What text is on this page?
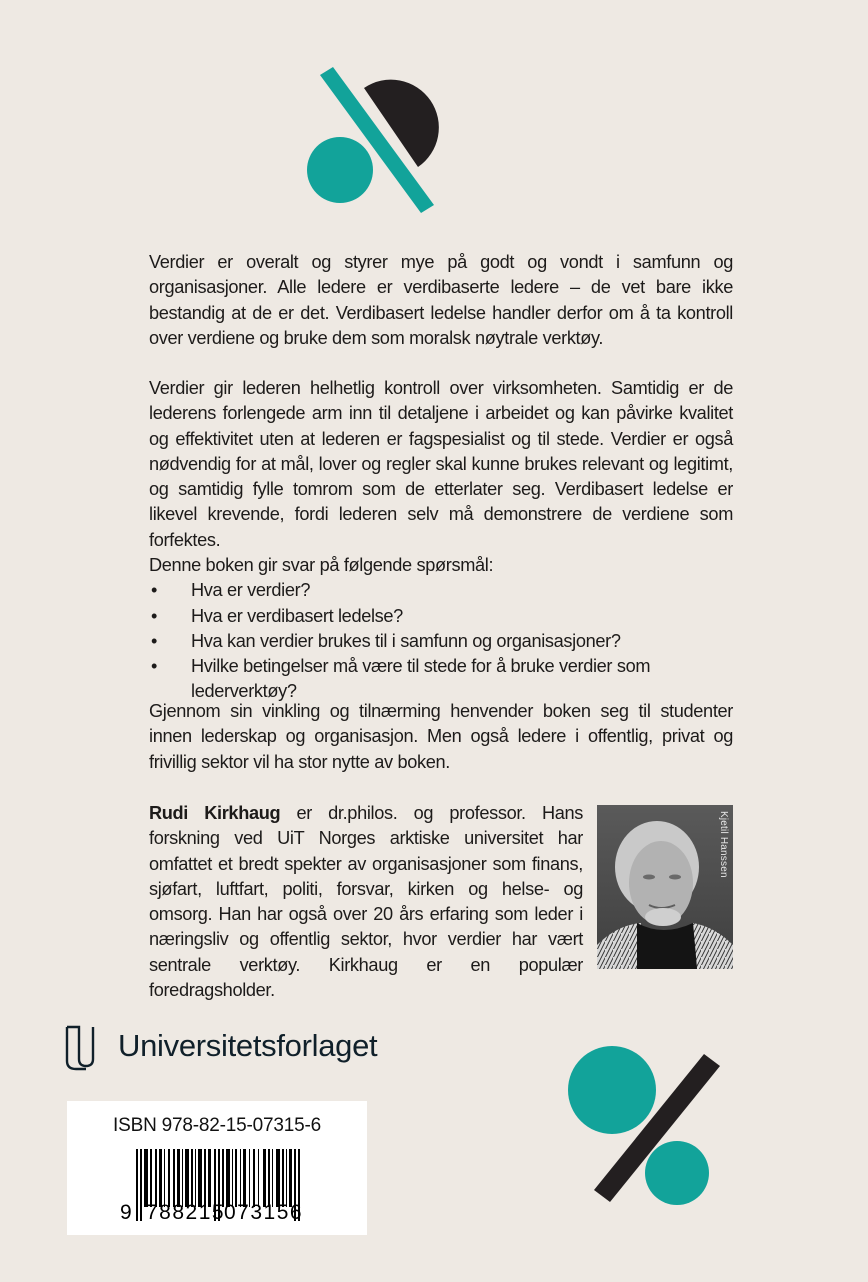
Verdier er overalt og styrer mye på godt og vondt i samfunn og organisasjoner. Alle ledere er verdibaserte ledere – de vet bare ikke bestandig at de er det. Verdibasert ledelse handler derfor om å ta kontroll over verdiene og bruke dem som moralsk nøytrale verktøy.

Verdier gir lederen helhetlig kontroll over virksomheten. Samtidig er de lederens forlengede arm inn til detaljene i arbeidet og kan påvirke kvalitet og effektivitet uten at lederen er fagspesialist og til stede. Verdier er også nødvendig for at mål, lover og regler skal kunne brukes relevant og legitimt, og samtidig fylle tomrom som de etterlater seg. Verdibasert ledelse er likevel krevende, fordi lederen selv må demonstrere de verdiene som forfektes.

Denne boken gir svar på følgende spørsmål:

• Hva er verdier?
• Hva er verdibasert ledelse?
• Hva kan verdier brukes til i samfunn og organisasjoner?
• Hvilke betingelser må være til stede for å bruke verdier som lederverktøy?

Gjennom sin vinkling og tilnærming henvender boken seg til studenter innen lederskap og organisasjon. Men også ledere i offentlig, privat og frivillig sektor vil ha stor nytte av boken.

Rudi Kirkhaug er dr.philos. og professor. Hans forskning ved UiT Norges arktiske universitet har omfattet et bredt spekter av organisasjoner som finans, sjøfart, luftfart, politi, forsvar, kirken og helse- og omsorg. Han har også over 20 års erfaring som leder i næringsliv og offentlig sektor, hvor verdier har vært sentrale verktøy. Kirkhaug er en populær foredragsholder.
Kjetil Hanssen
Universitetsforlaget
ISBN 978-82-15-07315-6
9 788215
073156
